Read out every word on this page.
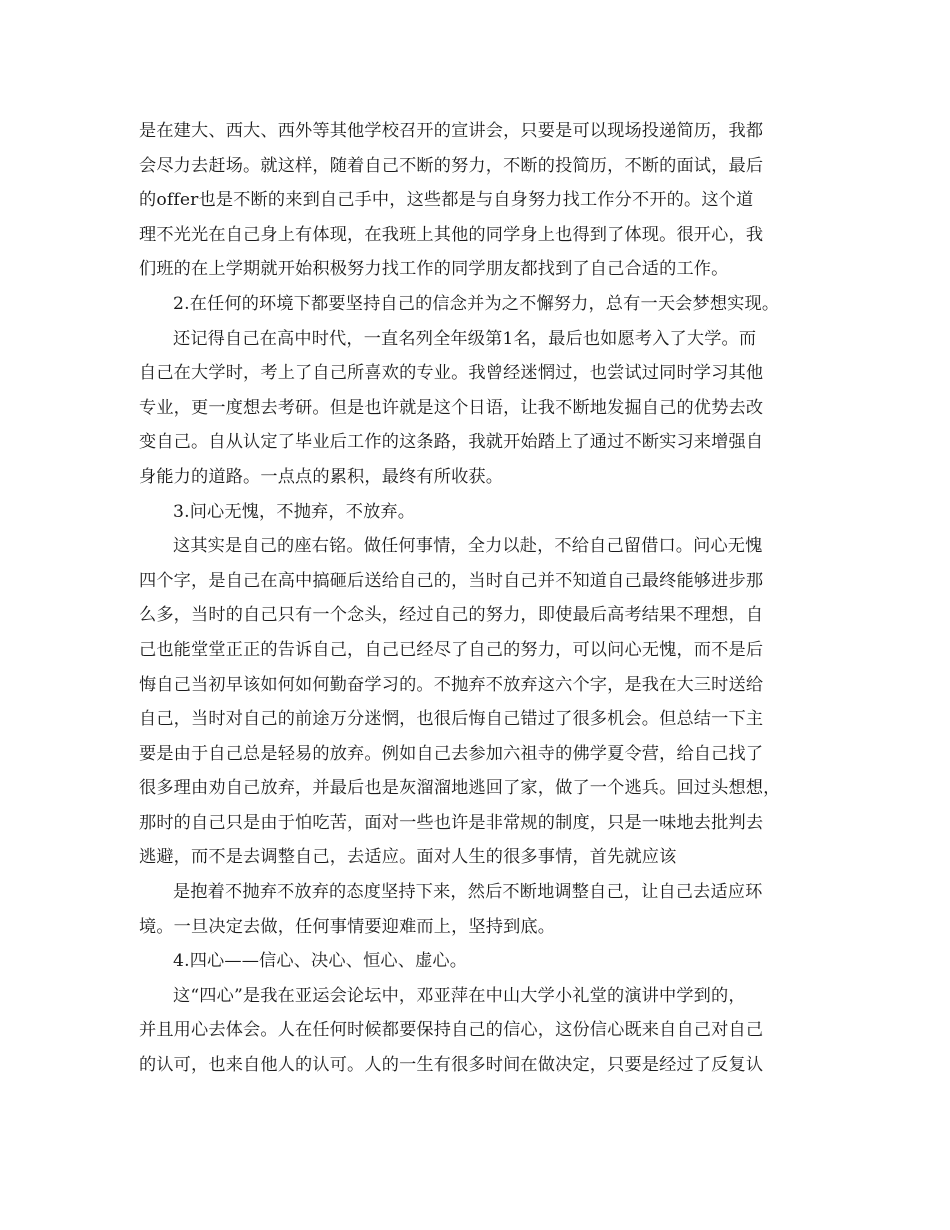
是在建大、西大、西外等其他学校召开的宣讲会，只要是可以现场投递简历，我都
会尽力去赶场。就这样，随着自己不断的努力，不断的投简历，不断的面试，最后
的offer也是不断的来到自己手中，这些都是与自身努力找工作分不开的。这个道
理不光光在自己身上有体现，在我班上其他的同学身上也得到了体现。很开心，我
们班的在上学期就开始积极努力找工作的同学朋友都找到了自己合适的工作。
2.在任何的环境下都要坚持自己的信念并为之不懈努力，总有一天会梦想实现。
还记得自己在高中时代，一直名列全年级第1名，最后也如愿考入了大学。而
自己在大学时，考上了自己所喜欢的专业。我曾经迷惘过，也尝试过同时学习其他
专业，更一度想去考研。但是也许就是这个日语，让我不断地发掘自己的优势去改
变自己。自从认定了毕业后工作的这条路，我就开始踏上了通过不断实习来增强自
身能力的道路。一点点的累积，最终有所收获。
3.问心无愧，不抛弃，不放弃。
这其实是自己的座右铭。做任何事情，全力以赴，不给自己留借口。问心无愧
四个字，是自己在高中搞砸后送给自己的，当时自己并不知道自己最终能够进步那
么多，当时的自己只有一个念头，经过自己的努力，即使最后高考结果不理想，自
己也能堂堂正正的告诉自己，自己已经尽了自己的努力，可以问心无愧，而不是后
悔自己当初早该如何如何勤奋学习的。不抛弃不放弃这六个字，是我在大三时送给
自己，当时对自己的前途万分迷惘，也很后悔自己错过了很多机会。但总结一下主
要是由于自己总是轻易的放弃。例如自己去参加六祖寺的佛学夏令营，给自己找了
很多理由劝自己放弃，并最后也是灰溜溜地逃回了家，做了一个逃兵。回过头想想，
那时的自己只是由于怕吃苦，面对一些也许是非常规的制度，只是一味地去批判去
逃避，而不是去调整自己，去适应。面对人生的很多事情，首先就应该
是抱着不抛弃不放弃的态度坚持下来，然后不断地调整自己，让自己去适应环
境。一旦决定去做，任何事情要迎难而上，坚持到底。
4.四心——信心、决心、恒心、虚心。
这“四心”是我在亚运会论坛中，邓亚萍在中山大学小礼堂的演讲中学到的，
并且用心去体会。人在任何时候都要保持自己的信心，这份信心既来自自己对自己
的认可，也来自他人的认可。人的一生有很多时间在做决定，只要是经过了反复认
